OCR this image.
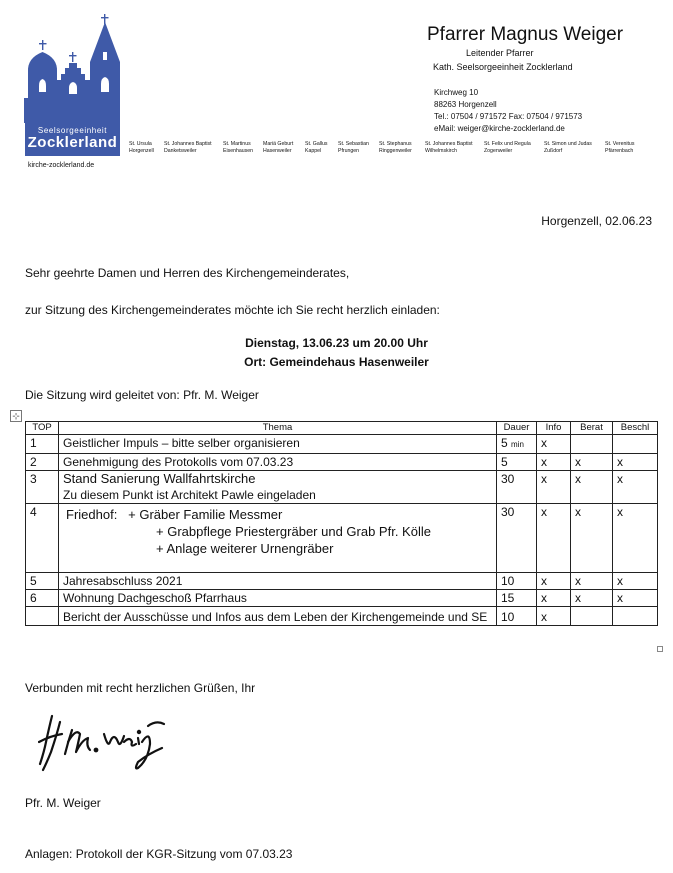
Seelsorgeeinheit
Zocklerland
kirche-zocklerland.de
St. Ursula
Horgenzell
St. Johannes Baptist
Danketsweiler
St. Martinus
Eisenhausen
Mariä Geburt
Hasenweiler
St. Gallus
Kappel
St. Sebastian
Pfrungen
St. Stephanus
Ringgenweiler
St. Johannes Baptist
Wilhelmskirch
St. Felix und Regula
Zogenweiler
St. Simon und Judas
Zußdorf
St. Verenitus
Pfärrenbach
Pfarrer Magnus Weiger
Leitender Pfarrer
Kath. Seelsorgeeinheit Zocklerland
Kirchweg 10
88263 Horgenzell
Tel.: 07504 / 971572 Fax: 07504 / 971573
eMail: weiger@kirche-zocklerland.de
Horgenzell, 02.06.23
Sehr geehrte Damen und Herren des Kirchengemeinderates,
zur Sitzung des Kirchengemeinderates möchte ich Sie recht herzlich einladen:
Dienstag, 13.06.23 um 20.00 Uhr
Ort: Gemeindehaus Hasenweiler
Die Sitzung wird geleitet von: Pfr. M. Weiger
⊹
TOP	Thema	Dauer	Info	Berat	Beschl
1	Geistlicher Impuls – bitte selber organisieren	5 min	x		
2	Genehmigung des Protokolls vom 07.03.23	5	x	x	x
3	Stand Sanierung Wallfahrtskirche
Zu diesem Punkt ist Architekt Pawle eingeladen	30	x	x	x
4	Friedhof:   + Gräber Familie Messmer
+ Grabpflege Priestergräber und Grab Pfr. Kölle
+ Anlage weiterer Urnengräber	30	x	x	x
5	Jahresabschluss 2021	10	x	x	x
6	Wohnung Dachgeschoß Pfarrhaus	15	x	x	x
	Bericht der Ausschüsse und Infos aus dem Leben der Kirchengemeinde und SE	10	x		
Verbunden mit recht herzlichen Grüßen, Ihr
Pfr. M. Weiger
Anlagen: Protokoll der KGR-Sitzung vom 07.03.23
